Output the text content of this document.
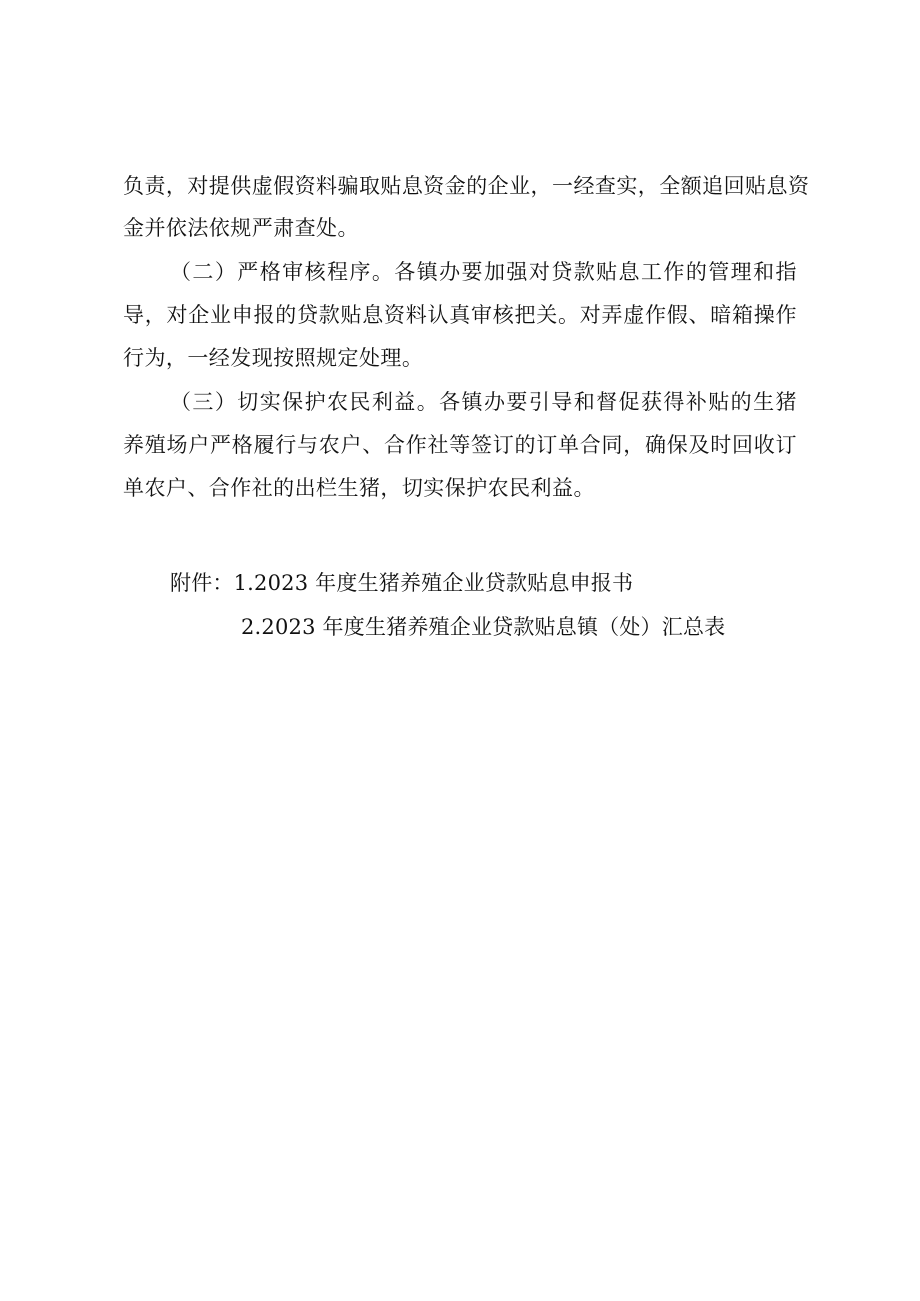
负责，对提供虚假资料骗取贴息资金的企业，一经查实，全额追回贴息资
金并依法依规严肃查处。
（二）严格审核程序。各镇办要加强对贷款贴息工作的管理和指
导，对企业申报的贷款贴息资料认真审核把关。对弄虚作假、暗箱操作
行为，一经发现按照规定处理。
（三）切实保护农民利益。各镇办要引导和督促获得补贴的生猪
养殖场户严格履行与农户、合作社等签订的订单合同，确保及时回收订
单农户、合作社的出栏生猪，切实保护农民利益。
附件：1.2023 年度生猪养殖企业贷款贴息申报书
2.2023 年度生猪养殖企业贷款贴息镇（处）汇总表
